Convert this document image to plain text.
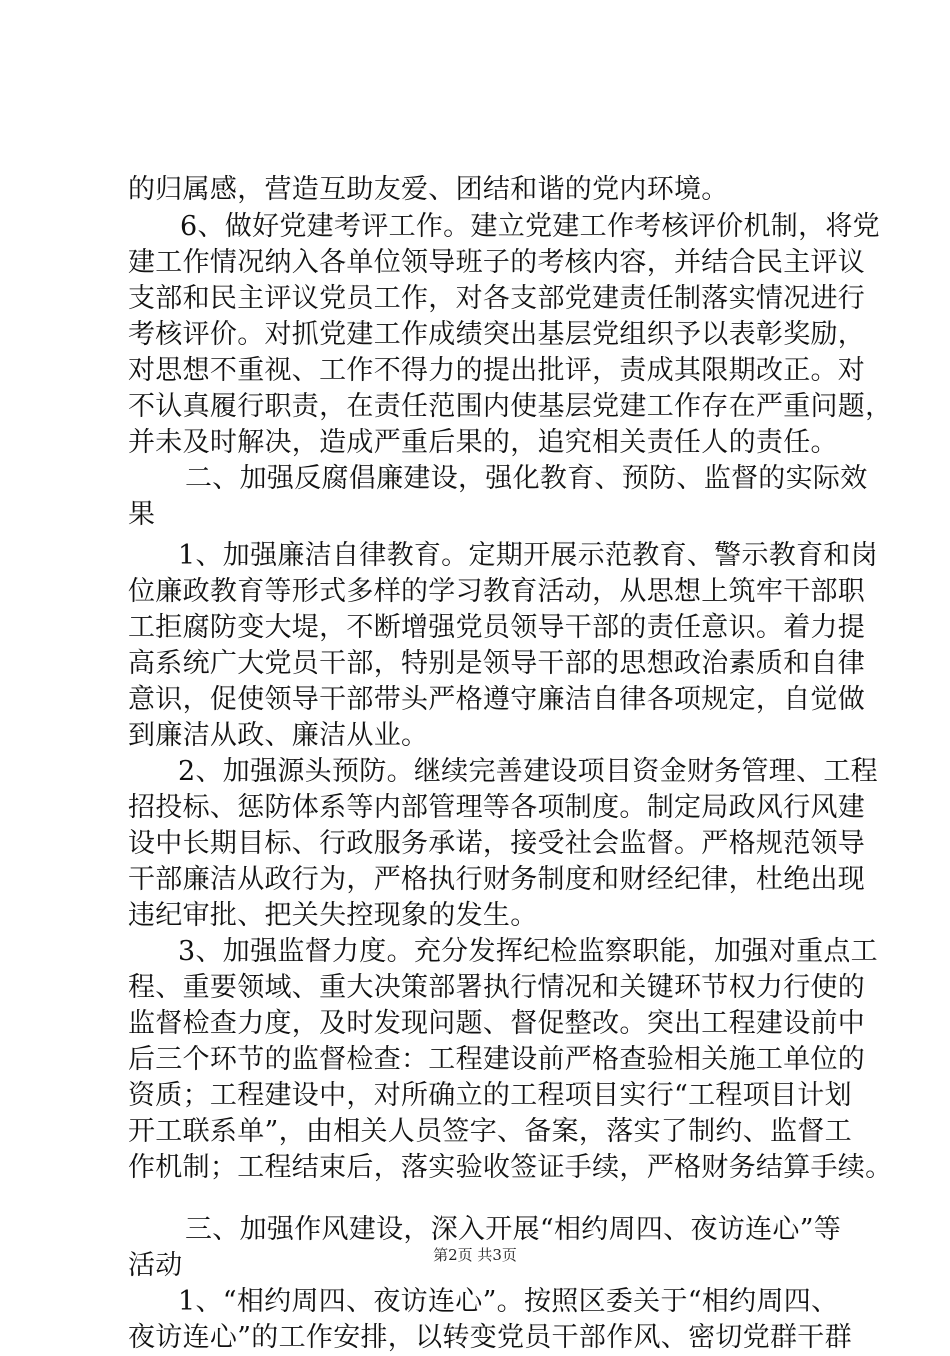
的归属感，营造互助友爱、团结和谐的党内环境。
6、做好党建考评工作。建立党建工作考核评价机制，将党
建工作情况纳入各单位领导班子的考核内容，并结合民主评议
支部和民主评议党员工作，对各支部党建责任制落实情况进行
考核评价。对抓党建工作成绩突出基层党组织予以表彰奖励，
对思想不重视、工作不得力的提出批评，责成其限期改正。对
不认真履行职责，在责任范围内使基层党建工作存在严重问题，
并未及时解决，造成严重后果的，追究相关责任人的责任。
二、加强反腐倡廉建设，强化教育、预防、监督的实际效
果
1、加强廉洁自律教育。定期开展示范教育、警示教育和岗
位廉政教育等形式多样的学习教育活动，从思想上筑牢干部职
工拒腐防变大堤，不断增强党员领导干部的责任意识。着力提
高系统广大党员干部，特别是领导干部的思想政治素质和自律
意识，促使领导干部带头严格遵守廉洁自律各项规定，自觉做
到廉洁从政、廉洁从业。
2、加强源头预防。继续完善建设项目资金财务管理、工程
招投标、惩防体系等内部管理等各项制度。制定局政风行风建
设中长期目标、行政服务承诺，接受社会监督。严格规范领导
干部廉洁从政行为，严格执行财务制度和财经纪律，杜绝出现
违纪审批、把关失控现象的发生。
3、加强监督力度。充分发挥纪检监察职能，加强对重点工
程、重要领域、重大决策部署执行情况和关键环节权力行使的
监督检查力度，及时发现问题、督促整改。突出工程建设前中
后三个环节的监督检查：工程建设前严格查验相关施工单位的
资质；工程建设中，对所确立的工程项目实行“工程项目计划
开工联系单”，由相关人员签字、备案，落实了制约、监督工
作机制；工程结束后，落实验收签证手续，严格财务结算手续。
三、加强作风建设，深入开展“相约周四、夜访连心”等
活动
1、“相约周四、夜访连心”。按照区委关于“相约周四、
夜访连心”的工作安排，以转变党员干部作风、密切党群干群
第2页 共3页
